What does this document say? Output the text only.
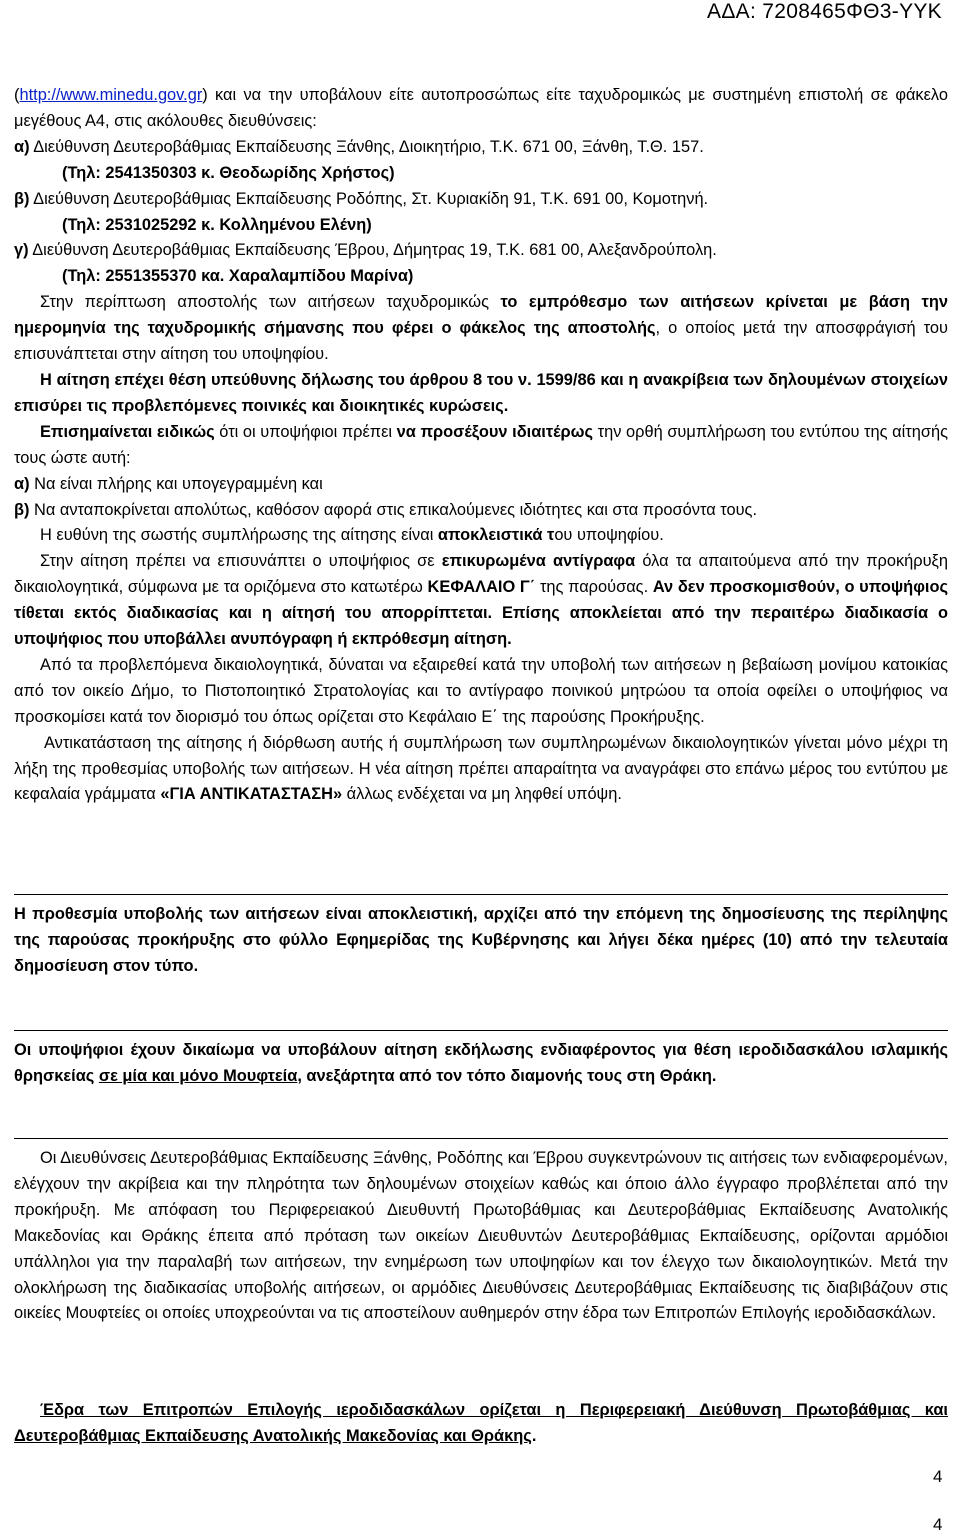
ΑΔΑ: 7208465ΦΘ3-ΥΥΚ

(http://www.minedu.gov.gr) και να την υποβάλουν είτε αυτοπροσώπως είτε ταχυδρομικώς με συστημένη επιστολή σε φάκελο μεγέθους Α4, στις ακόλουθες διευθύνσεις:

α) Διεύθυνση Δευτεροβάθμιας Εκπαίδευσης Ξάνθης, Διοικητήριο, Τ.Κ. 671 00, Ξάνθη, Τ.Θ. 157.

(Τηλ: 2541350303 κ. Θεοδωρίδης Χρήστος)

β) Διεύθυνση Δευτεροβάθμιας Εκπαίδευσης Ροδόπης, Στ. Κυριακίδη 91, Τ.Κ. 691 00, Κομοτηνή.

(Τηλ: 2531025292 κ. Κολλημένου Ελένη)

γ) Διεύθυνση Δευτεροβάθμιας Εκπαίδευσης Έβρου, Δήμητρας 19, Τ.Κ. 681 00, Αλεξανδρούπολη.

(Τηλ: 2551355370 κα. Χαραλαμπίδου Μαρίνα)

Στην περίπτωση αποστολής των αιτήσεων ταχυδρομικώς το εμπρόθεσμο των αιτήσεων κρίνεται με βάση την ημερομηνία της ταχυδρομικής σήμανσης που φέρει ο φάκελος της αποστολής, ο οποίος μετά την αποσφράγισή του επισυνάπτεται στην αίτηση του υποψηφίου.

Η αίτηση επέχει θέση υπεύθυνης δήλωσης του άρθρου 8 του ν. 1599/86 και η ανακρίβεια των δηλουμένων στοιχείων επισύρει τις προβλεπόμενες ποινικές και διοικητικές κυρώσεις.

Επισημαίνεται ειδικώς ότι οι υποψήφιοι πρέπει να προσέξουν ιδιαιτέρως την ορθή συμπλήρωση του εντύπου της αίτησής τους ώστε αυτή:

α) Να είναι πλήρης και υπογεγραμμένη και

β) Να ανταποκρίνεται απολύτως, καθόσον αφορά στις επικαλούμενες ιδιότητες και στα προσόντα τους.

Η ευθύνη της σωστής συμπλήρωσης της αίτησης είναι αποκλειστικά του υποψηφίου.

Στην αίτηση πρέπει να επισυνάπτει ο υποψήφιος σε επικυρωμένα αντίγραφα όλα τα απαιτούμενα από την προκήρυξη δικαιολογητικά, σύμφωνα με τα οριζόμενα στο κατωτέρω ΚΕΦΑΛΑΙΟ Γ΄ της παρούσας. Αν δεν προσκομισθούν, ο υποψήφιος τίθεται εκτός διαδικασίας και η αίτησή του απορρίπτεται. Επίσης αποκλείεται από την περαιτέρω διαδικασία ο υποψήφιος που υποβάλλει ανυπόγραφη ή εκπρόθεσμη αίτηση.

Από τα προβλεπόμενα δικαιολογητικά, δύναται να εξαιρεθεί κατά την υποβολή των αιτήσεων η βεβαίωση μονίμου κατοικίας από τον οικείο Δήμο, το Πιστοποιητικό Στρατολογίας και το αντίγραφο ποινικού μητρώου τα οποία οφείλει ο υποψήφιος να προσκομίσει κατά τον διορισμό του όπως ορίζεται στο Κεφάλαιο Ε΄ της παρούσης Προκήρυξης.

Αντικατάσταση της αίτησης ή διόρθωση αυτής ή συμπλήρωση των συμπληρωμένων δικαιολογητικών γίνεται μόνο μέχρι τη λήξη της προθεσμίας υποβολής των αιτήσεων. Η νέα αίτηση πρέπει απαραίτητα να αναγράφει στο επάνω μέρος του εντύπου με κεφαλαία γράμματα «ΓΙΑ ΑΝΤΙΚΑΤΑΣΤΑΣΗ» άλλως ενδέχεται να μη ληφθεί υπόψη.

Η προθεσμία υποβολής των αιτήσεων είναι αποκλειστική, αρχίζει από την επόμενη της δημοσίευσης της περίληψης της παρούσας προκήρυξης στο φύλλο Εφημερίδας της Κυβέρνησης και λήγει δέκα ημέρες (10) από την τελευταία δημοσίευση στον τύπο.

Οι υποψήφιοι έχουν δικαίωμα να υποβάλουν αίτηση εκδήλωσης ενδιαφέροντος για θέση ιεροδιδασκάλου ισλαμικής θρησκείας σε μία και μόνο Μουφτεία, ανεξάρτητα από τον τόπο διαμονής τους στη Θράκη.

Οι Διευθύνσεις Δευτεροβάθμιας Εκπαίδευσης Ξάνθης, Ροδόπης και Έβρου συγκεντρώνουν τις αιτήσεις των ενδιαφερομένων, ελέγχουν την ακρίβεια και την πληρότητα των δηλουμένων στοιχείων καθώς και όποιο άλλο έγγραφο προβλέπεται από την προκήρυξη. Με απόφαση του Περιφερειακού Διευθυντή Πρωτοβάθμιας και Δευτεροβάθμιας Εκπαίδευσης Ανατολικής Μακεδονίας και Θράκης έπειτα από πρόταση των οικείων Διευθυντών Δευτεροβάθμιας Εκπαίδευσης, ορίζονται αρμόδιοι υπάλληλοι για την παραλαβή των αιτήσεων, την ενημέρωση των υποψηφίων και τον έλεγχο των δικαιολογητικών. Μετά την ολοκλήρωση της διαδικασίας υποβολής αιτήσεων, οι αρμόδιες Διευθύνσεις Δευτεροβάθμιας Εκπαίδευσης τις διαβιβάζουν στις οικείες Μουφτείες οι οποίες υποχρεούνται να τις αποστείλουν αυθημερόν στην έδρα των Επιτροπών Επιλογής ιεροδιδασκάλων.

Έδρα των Επιτροπών Επιλογής ιεροδιδασκάλων ορίζεται η Περιφερειακή Διεύθυνση Πρωτοβάθμιας και Δευτεροβάθμιας Εκπαίδευσης Ανατολικής Μακεδονίας και Θράκης.

4
4
